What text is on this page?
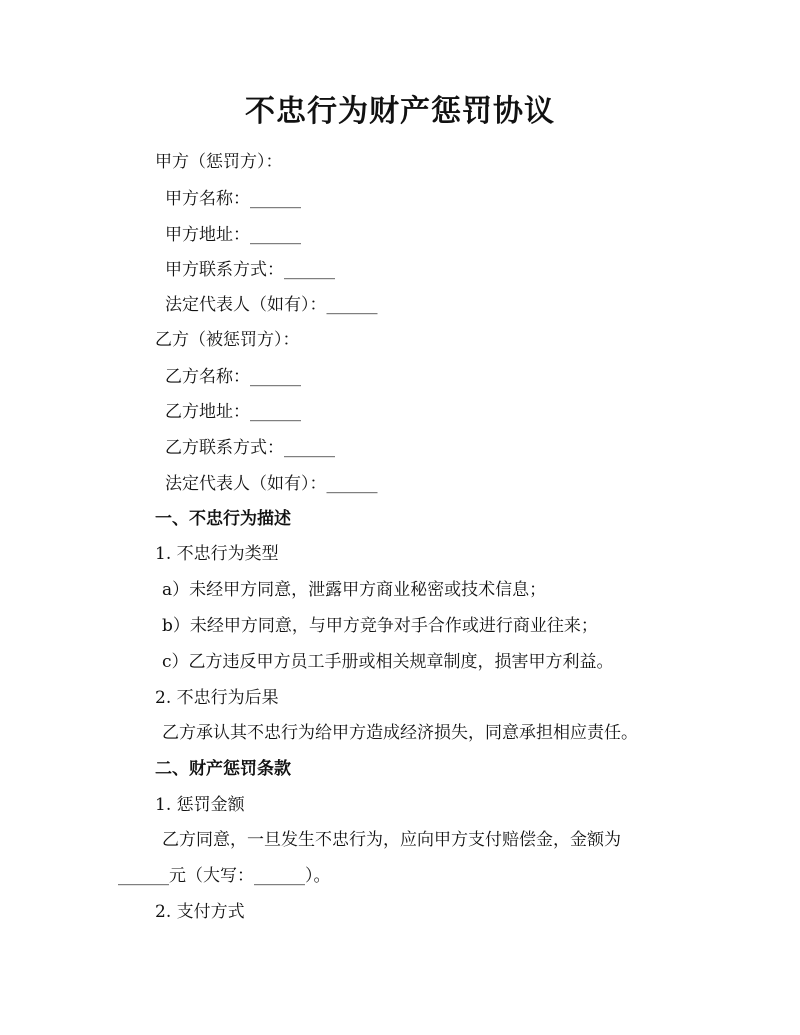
不忠行为财产惩罚协议
甲方（惩罚方）：
甲方名称：______
甲方地址：______
甲方联系方式：______
法定代表人（如有）：______
乙方（被惩罚方）：
乙方名称：______
乙方地址：______
乙方联系方式：______
法定代表人（如有）：______
一、不忠行为描述
1. 不忠行为类型
a）未经甲方同意，泄露甲方商业秘密或技术信息；
b）未经甲方同意，与甲方竞争对手合作或进行商业往来；
c）乙方违反甲方员工手册或相关规章制度，损害甲方利益。
2. 不忠行为后果
乙方承认其不忠行为给甲方造成经济损失，同意承担相应责任。
二、财产惩罚条款
1. 惩罚金额
乙方同意，一旦发生不忠行为，应向甲方支付赔偿金，金额为
______元（大写：______）。
2. 支付方式
